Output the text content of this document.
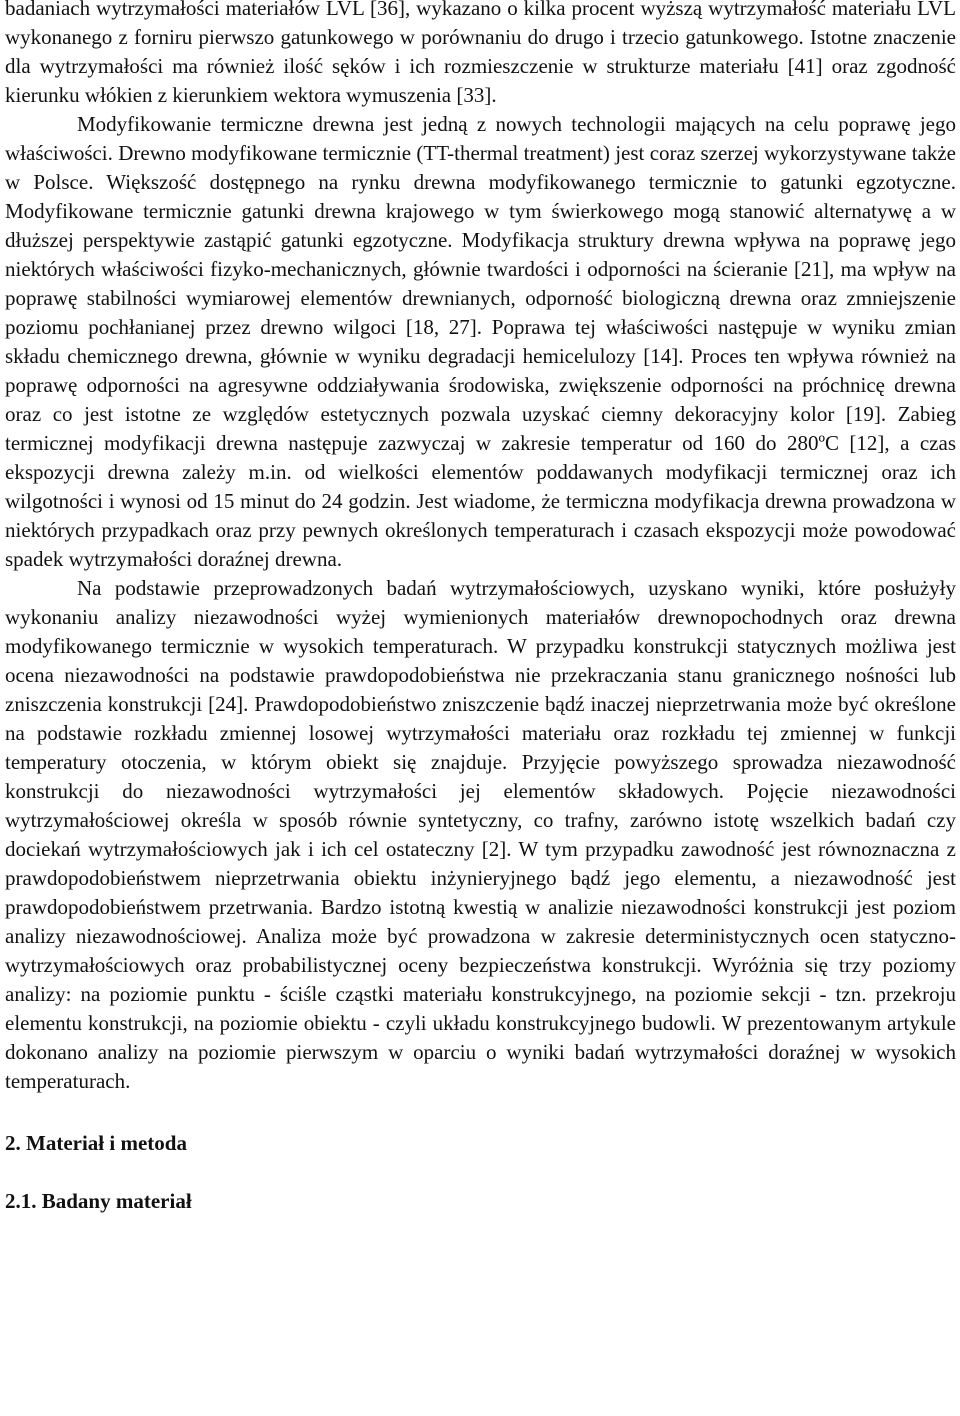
badaniach wytrzymałości materiałów LVL [36], wykazano o kilka procent wyższą wytrzymałość materiału LVL wykonanego z forniru pierwszo gatunkowego w porównaniu do drugo i trzecio gatunkowego. Istotne znaczenie dla wytrzymałości ma również ilość sęków i ich rozmieszczenie w strukturze materiału [41] oraz zgodność kierunku włókien z kierunkiem wektora wymuszenia [33].

Modyfikowanie termiczne drewna jest jedną z nowych technologii mających na celu poprawę jego właściwości. Drewno modyfikowane termicznie (TT-thermal treatment) jest coraz szerzej wykorzystywane także w Polsce. Większość dostępnego na rynku drewna modyfikowanego termicznie to gatunki egzotyczne. Modyfikowane termicznie gatunki drewna krajowego w tym świerkowego mogą stanowić alternatywę a w dłuższej perspektywie zastąpić gatunki egzotyczne. Modyfikacja struktury drewna wpływa na poprawę jego niektórych właściwości fizyko-mechanicznych, głównie twardości i odporności na ścieranie [21], ma wpływ na poprawę stabilności wymiarowej elementów drewnianych, odporność biologiczną drewna oraz zmniejszenie poziomu pochłanianej przez drewno wilgoci [18, 27]. Poprawa tej właściwości następuje w wyniku zmian składu chemicznego drewna, głównie w wyniku degradacji hemicelulozy [14]. Proces ten wpływa również na poprawę odporności na agresywne oddziaływania środowiska, zwiększenie odporności na próchnicę drewna oraz co jest istotne ze względów estetycznych pozwala uzyskać ciemny dekoracyjny kolor [19]. Zabieg termicznej modyfikacji drewna następuje zazwyczaj w zakresie temperatur od 160 do 280ºC [12], a czas ekspozycji drewna zależy m.in. od wielkości elementów poddawanych modyfikacji termicznej oraz ich wilgotności i wynosi od 15 minut do 24 godzin. Jest wiadome, że termiczna modyfikacja drewna prowadzona w niektórych przypadkach oraz przy pewnych określonych temperaturach i czasach ekspozycji może powodować spadek wytrzymałości doraźnej drewna.

Na podstawie przeprowadzonych badań wytrzymałościowych, uzyskano wyniki, które posłużyły wykonaniu analizy niezawodności wyżej wymienionych materiałów drewnopochodnych oraz drewna modyfikowanego termicznie w wysokich temperaturach. W przypadku konstrukcji statycznych możliwa jest ocena niezawodności na podstawie prawdopodobieństwa nie przekraczania stanu granicznego nośności lub zniszczenia konstrukcji [24]. Prawdopodobieństwo zniszczenie bądź inaczej nieprzetrwania może być określone na podstawie rozkładu zmiennej losowej wytrzymałości materiału oraz rozkładu tej zmiennej w funkcji temperatury otoczenia, w którym obiekt się znajduje. Przyjęcie powyższego sprowadza niezawodność konstrukcji do niezawodności wytrzymałości jej elementów składowych. Pojęcie niezawodności wytrzymałościowej określa w sposób równie syntetyczny, co trafny, zarówno istotę wszelkich badań czy dociekań wytrzymałościowych jak i ich cel ostateczny [2]. W tym przypadku zawodność jest równoznaczna z prawdopodobieństwem nieprzetrwania obiektu inżynieryjnego bądź jego elementu, a niezawodność jest prawdopodobieństwem przetrwania. Bardzo istotną kwestią w analizie niezawodności konstrukcji jest poziom analizy niezawodnościowej. Analiza może być prowadzona w zakresie deterministycznych ocen statyczno-wytrzymałościowych oraz probabilistycznej oceny bezpieczeństwa konstrukcji. Wyróżnia się trzy poziomy analizy: na poziomie punktu - ściśle cząstki materiału konstrukcyjnego, na poziomie sekcji - tzn. przekroju elementu konstrukcji, na poziomie obiektu - czyli układu konstrukcyjnego budowli. W prezentowanym artykule dokonano analizy na poziomie pierwszym w oparciu o wyniki badań wytrzymałości doraźnej w wysokich temperaturach.

2. Materiał i metoda
2.1. Badany materiał
